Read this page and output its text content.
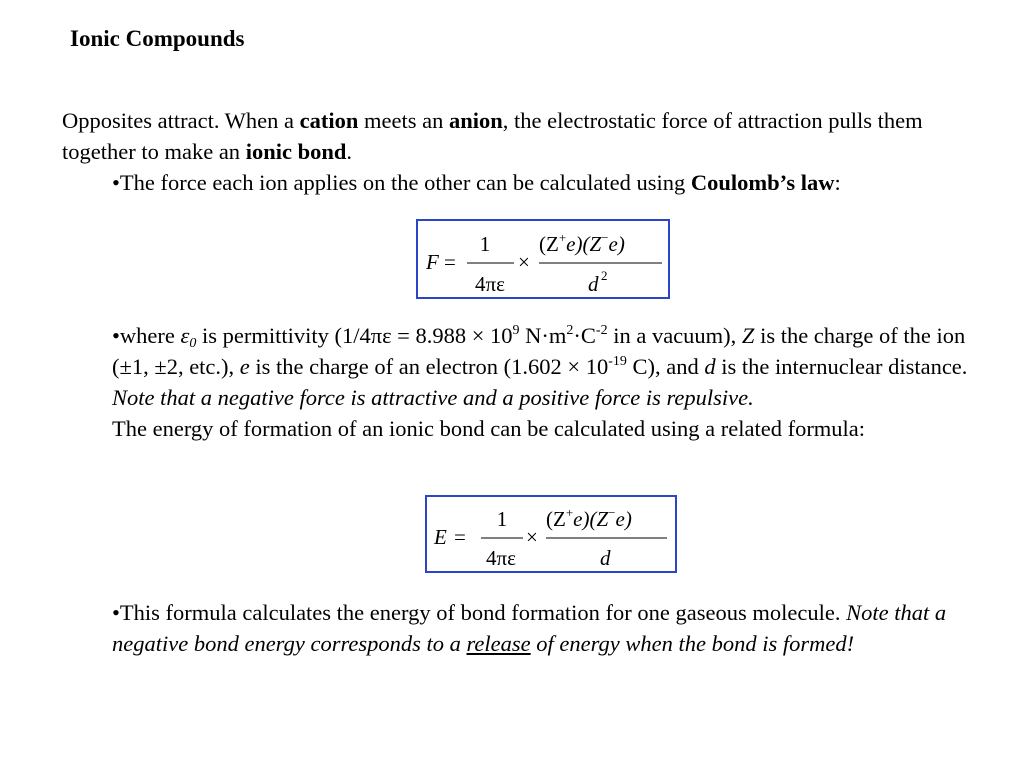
Ionic Compounds

Opposites attract. When a cation meets an anion, the electrostatic force of attraction pulls them together to make an ionic bond.

•The force each ion applies on the other can be calculated using Coulomb’s law:

F =
1
4πε
×
(Z+e)(Z−e)
d 2

•where $\varepsilon_0$ is permittivity ($1/4\pi\varepsilon = 8.988 \times 10^9$ $N\cdot m^2\cdot C^{-2}$ in a vacuum), Z is the charge of the ion (±1, ±2, etc.), e is the charge of an electron ($1.602 \times 10^{-19}$ C), and d is the internuclear distance. Note that a negative force is attractive and a positive force is repulsive.
The energy of formation of an ionic bond can be calculated using a related formula:

E =
1
4πε
×
(Z+e)(Z−e)
d

•This formula calculates the energy of bond formation for one gaseous molecule. Note that a negative bond energy corresponds to a release of energy when the bond is formed!
